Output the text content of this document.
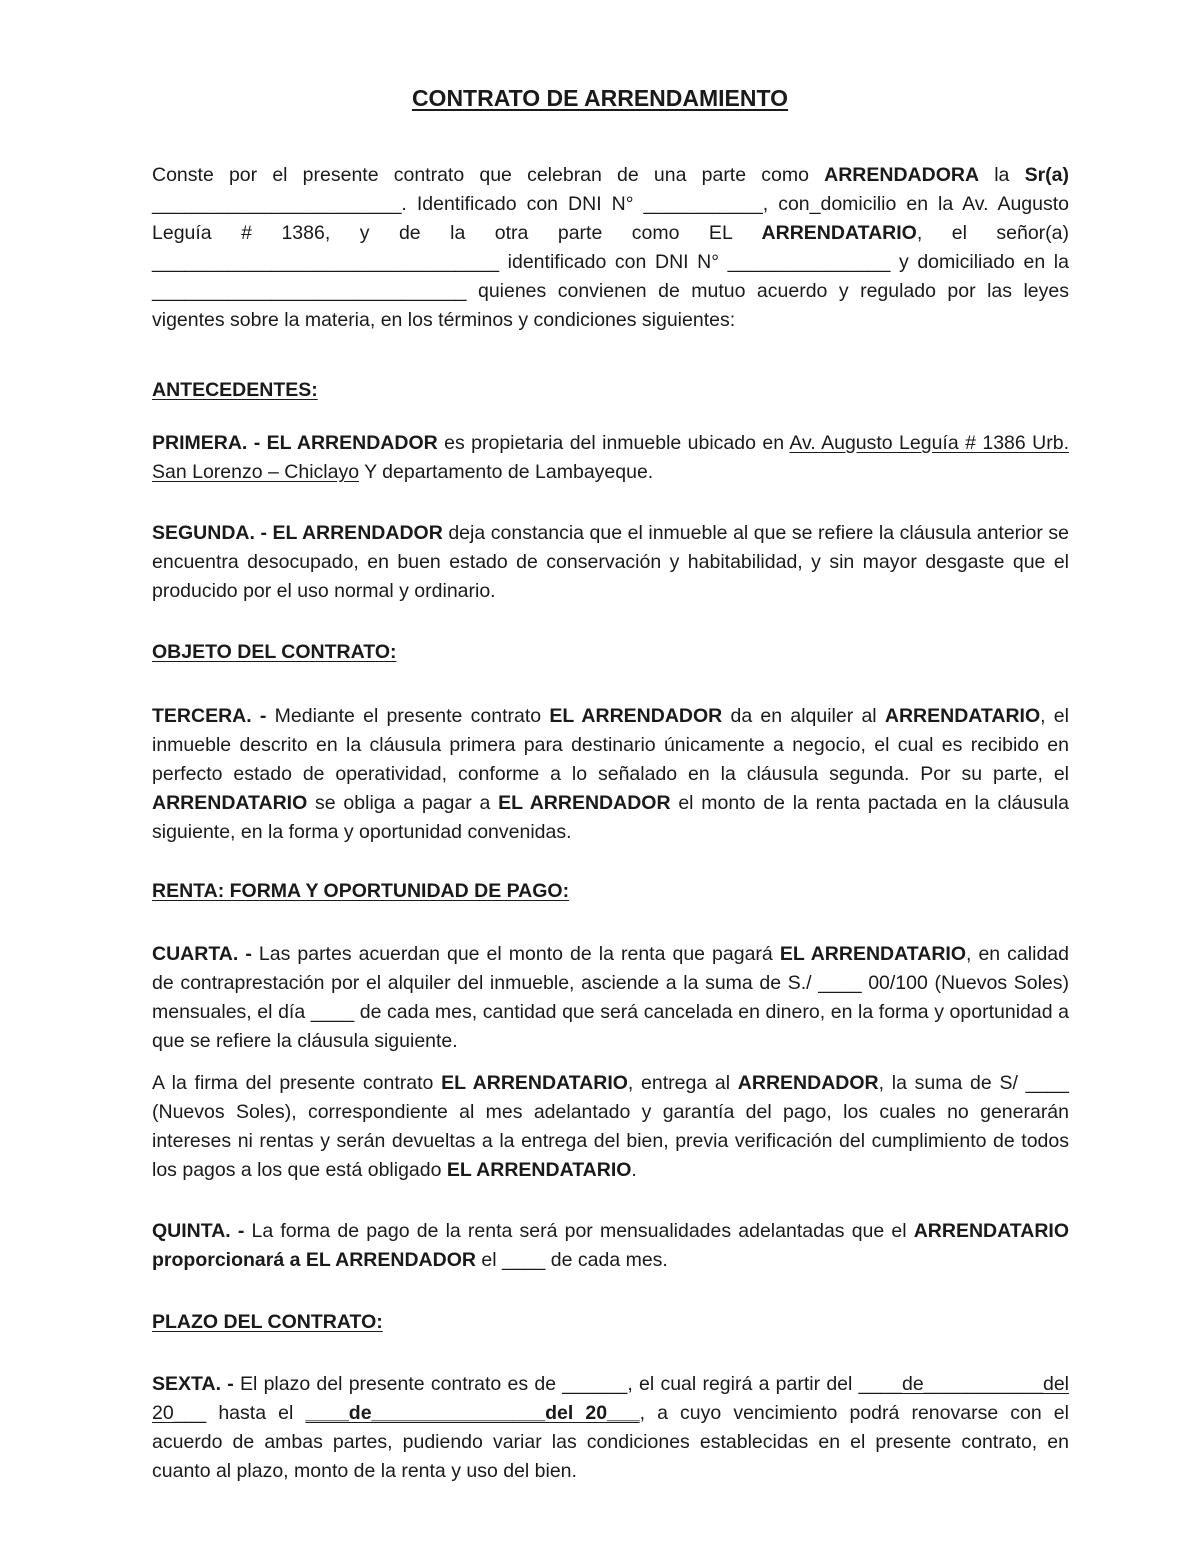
CONTRATO DE ARRENDAMIENTO

Conste por el presente contrato que celebran de una parte como ARRENDADORA la Sr(a) _______________________. Identificado con DNI N° ___________, con_domicilio en la Av. Augusto Leguía # 1386, y de la otra parte como EL ARRENDATARIO, el señor(a) ________________________________ identificado con DNI N° _______________ y domiciliado en la _____________________________ quienes convienen de mutuo acuerdo y regulado por las leyes vigentes sobre la materia, en los términos y condiciones siguientes:

ANTECEDENTES:

PRIMERA. - EL ARRENDADOR es propietaria del inmueble ubicado en Av. Augusto Leguía # 1386 Urb. San Lorenzo – Chiclayo Y departamento de Lambayeque.

SEGUNDA. - EL ARRENDADOR deja constancia que el inmueble al que se refiere la cláusula anterior se encuentra desocupado, en buen estado de conservación y habitabilidad, y sin mayor desgaste que el producido por el uso normal y ordinario.

OBJETO DEL CONTRATO:

TERCERA. - Mediante el presente contrato EL ARRENDADOR da en alquiler al ARRENDATARIO, el inmueble descrito en la cláusula primera para destinario únicamente a negocio, el cual es recibido en perfecto estado de operatividad, conforme a lo señalado en la cláusula segunda. Por su parte, el ARRENDATARIO se obliga a pagar a EL ARRENDADOR el monto de la renta pactada en la cláusula siguiente, en la forma y oportunidad convenidas.

RENTA: FORMA Y OPORTUNIDAD DE PAGO:

CUARTA. - Las partes acuerdan que el monto de la renta que pagará EL ARRENDATARIO, en calidad de contraprestación por el alquiler del inmueble, asciende a la suma de S./ ____ 00/100 (Nuevos Soles) mensuales, el día ____ de cada mes, cantidad que será cancelada en dinero, en la forma y oportunidad a que se refiere la cláusula siguiente.

A la firma del presente contrato EL ARRENDATARIO, entrega al ARRENDADOR, la suma de S/ ____ (Nuevos Soles), correspondiente al mes adelantado y garantía del pago, los cuales no generarán intereses ni rentas y serán devueltas a la entrega del bien, previa verificación del cumplimiento de todos los pagos a los que está obligado EL ARRENDATARIO.

QUINTA. - La forma de pago de la renta será por mensualidades adelantadas que el ARRENDATARIO proporcionará a EL ARRENDADOR el ____ de cada mes.

PLAZO DEL CONTRATO:

SEXTA. - El plazo del presente contrato es de ______, el cual regirá a partir del ____de___________del 20___ hasta el ____de________________del 20___, a cuyo vencimiento podrá renovarse con el acuerdo de ambas partes, pudiendo variar las condiciones establecidas en el presente contrato, en cuanto al plazo, monto de la renta y uso del bien.
